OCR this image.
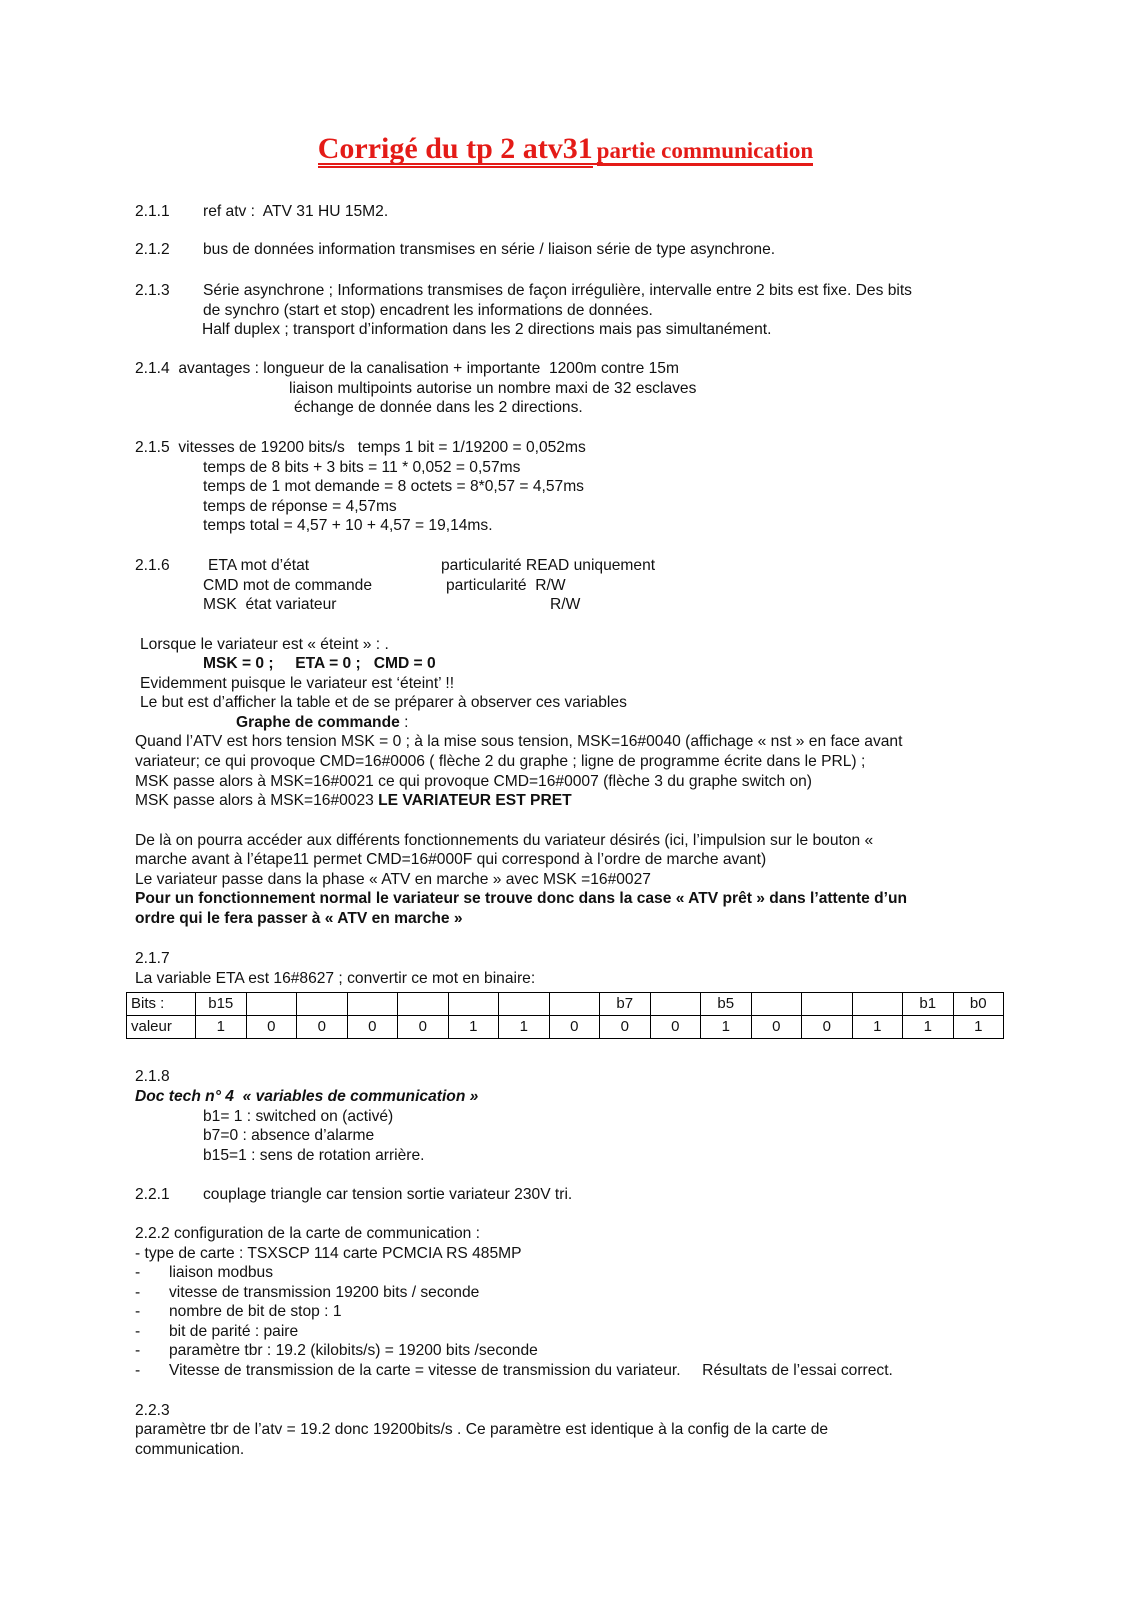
Corrigé du tp 2 atv31 partie communication
2.1.1 ref atv :  ATV 31 HU 15M2.
2.1.2 bus de données information transmises en série / liaison série de type asynchrone.
2.1.3 Série asynchrone ; Informations transmises de façon irrégulière, intervalle entre 2 bits est fixe. Des bits
de synchro (start et stop) encadrent les informations de données.
Half duplex ; transport d’information dans les 2 directions mais pas simultanément.
2.1.4  avantages : longueur de la canalisation + importante  1200m contre 15m
liaison multipoints autorise un nombre maxi de 32 esclaves
échange de donnée dans les 2 directions.
2.1.5  vitesses de 19200 bits/s   temps 1 bit = 1/19200 = 0,052ms
temps de 8 bits + 3 bits = 11 * 0,052 = 0,57ms
temps de 1 mot demande = 8 octets = 8*0,57 = 4,57ms
temps de réponse = 4,57ms
temps total = 4,57 + 10 + 4,57 = 19,14ms.
2.1.6 ETA mot d’état	particularité READ uniquement
CMD mot de commande	particularité  R/W
MSK  état variateur	R/W
Lorsque le variateur est « éteint » : .
MSK = 0 ;     ETA = 0 ;   CMD = 0
Evidemment puisque le variateur est ‘éteint’ !!
Le but est d’afficher la table et de se préparer à observer ces variables
Graphe de commande :
Quand l’ATV est hors tension MSK = 0 ; à la mise sous tension, MSK=16#0040 (affichage « nst » en face avant
variateur; ce qui provoque CMD=16#0006 ( flèche 2 du graphe ; ligne de programme écrite dans le PRL) ;
MSK passe alors à MSK=16#0021 ce qui provoque CMD=16#0007 (flèche 3 du graphe switch on)
MSK passe alors à MSK=16#0023 LE VARIATEUR EST PRET
De là on pourra accéder aux différents fonctionnements du variateur désirés (ici, l’impulsion sur le bouton «
marche avant à l’étape11 permet CMD=16#000F qui correspond à l’ordre de marche avant)
Le variateur passe dans la phase « ATV en marche » avec MSK =16#0027
Pour un fonctionnement normal le variateur se trouve donc dans la case « ATV prêt » dans l’attente d’un
ordre qui le fera passer à « ATV en marche »
2.1.7
La variable ETA est 16#8627 ; convertir ce mot en binaire:
Bits :	b15								b7		b5				b1	b0
valeur	1	0	0	0	0	1	1	0	0	0	1	0	0	1	1	1
2.1.8
Doc tech n° 4  « variables de communication »
b1= 1 : switched on (activé)
b7=0 : absence d’alarme
b15=1 : sens de rotation arrière.
2.2.1 couplage triangle car tension sortie variateur 230V tri.
2.2.2 configuration de la carte de communication :
- type de carte : TSXSCP 114 carte PCMCIA RS 485MP
- liaison modbus
- vitesse de transmission 19200 bits / seconde
- nombre de bit de stop : 1
- bit de parité : paire
- paramètre tbr : 19.2 (kilobits/s) = 19200 bits /seconde
- Vitesse de transmission de la carte = vitesse de transmission du variateur.     Résultats de l’essai correct.
2.2.3
paramètre tbr de l’atv = 19.2 donc 19200bits/s . Ce paramètre est identique à la config de la carte de
communication.
